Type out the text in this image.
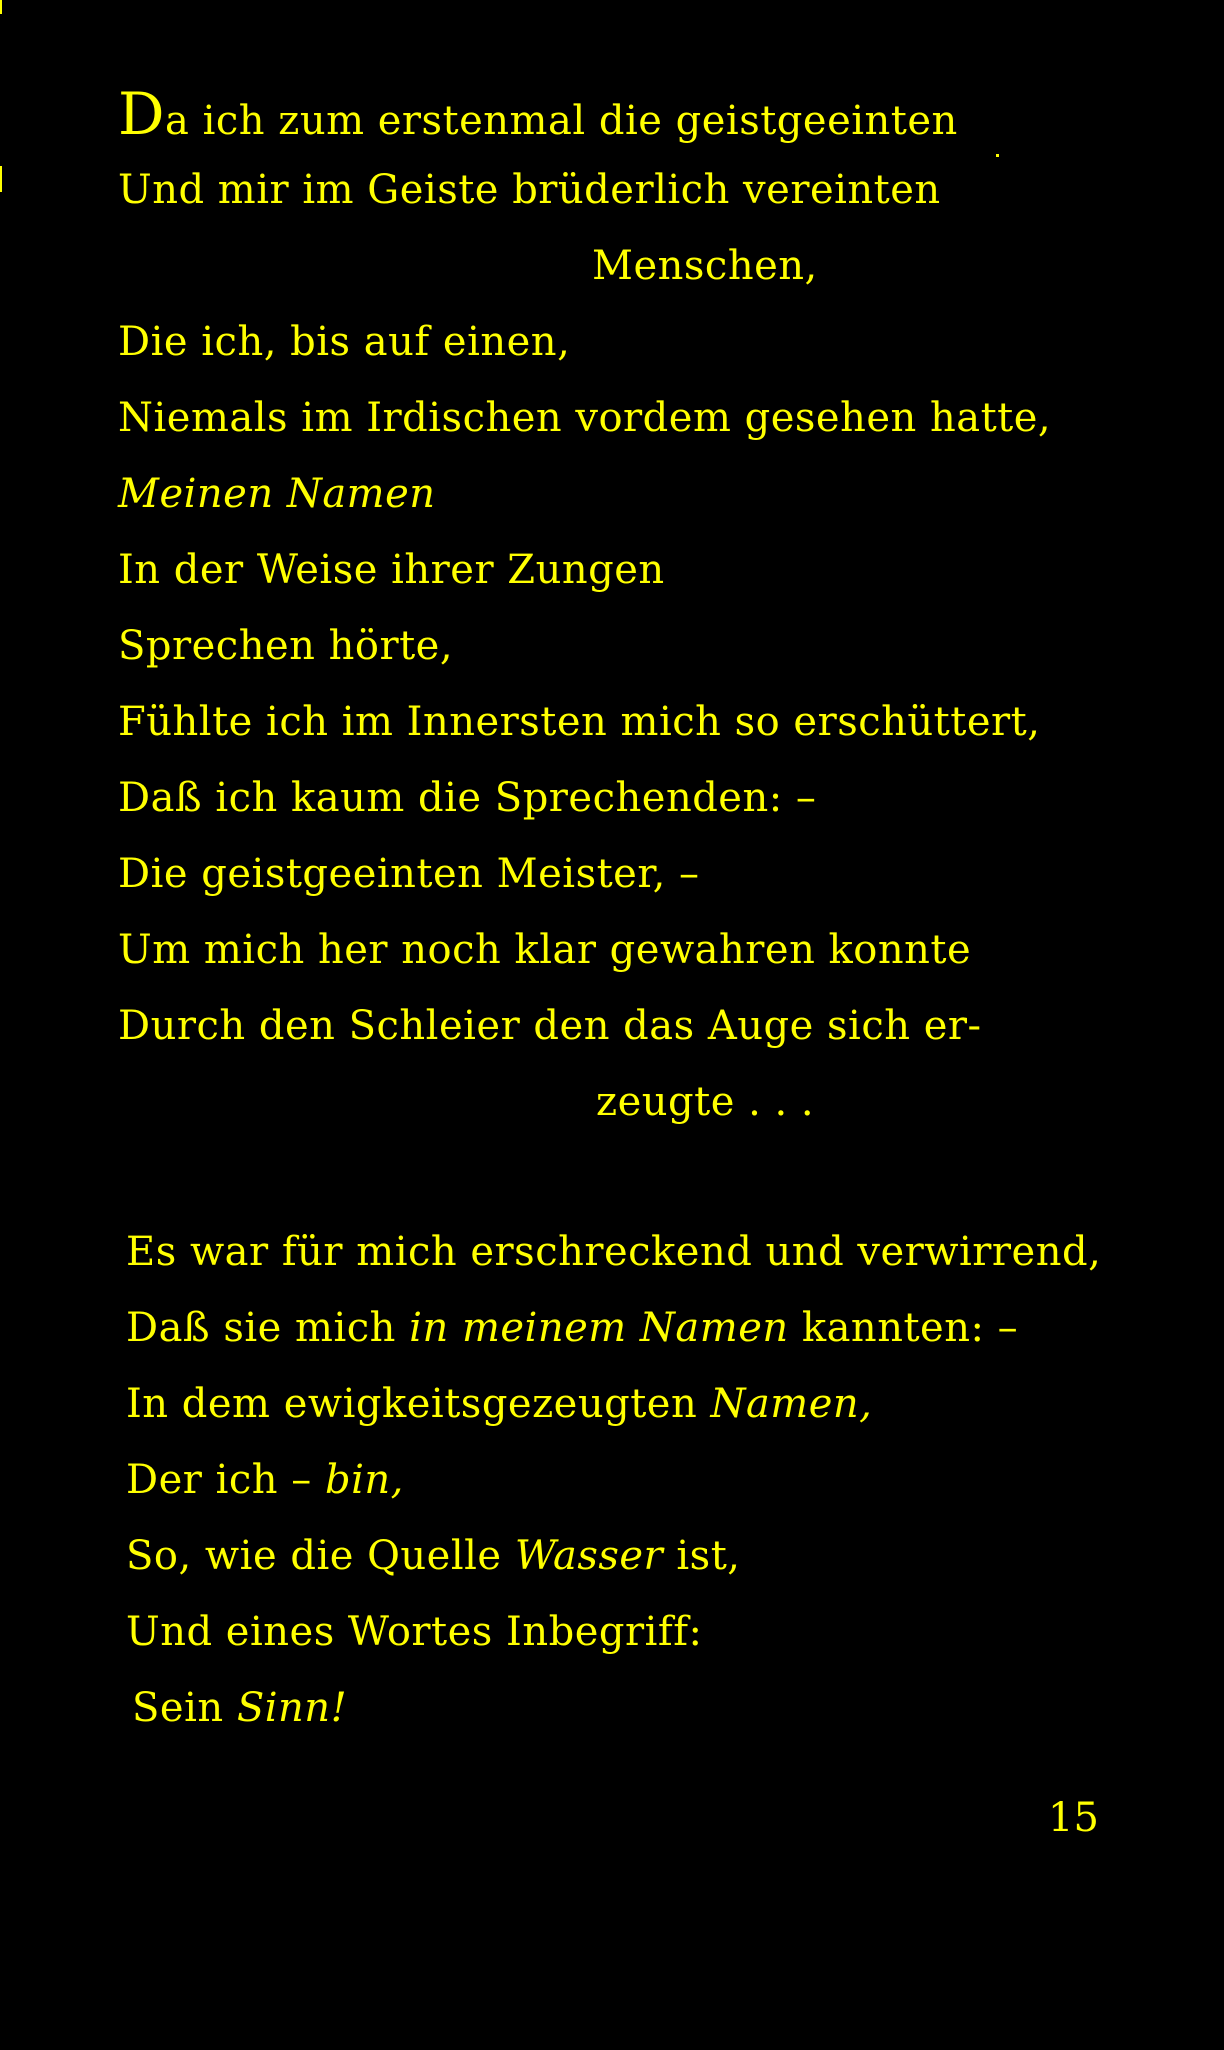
Da ich zum erstenmal die geistgeeinten
Und mir im Geiste brüderlich vereinten
Menschen,
Die ich, bis auf einen,
Niemals im Irdischen vordem gesehen hatte,
Meinen Namen
In der Weise ihrer Zungen
Sprechen hörte,
Fühlte ich im Innersten mich so erschüttert,
Daß ich kaum die Sprechenden: –
Die geistgeeinten Meister, –
Um mich her noch klar gewahren konnte
Durch den Schleier den das Auge sich er-
zeugte . . .
Es war für mich erschreckend und verwirrend,
Daß sie mich in meinem Namen kannten: –
In dem ewigkeitsgezeugten Namen,
Der ich – bin,
So, wie die Quelle Wasser ist,
Und eines Wortes Inbegriff:
Sein Sinn!
15
